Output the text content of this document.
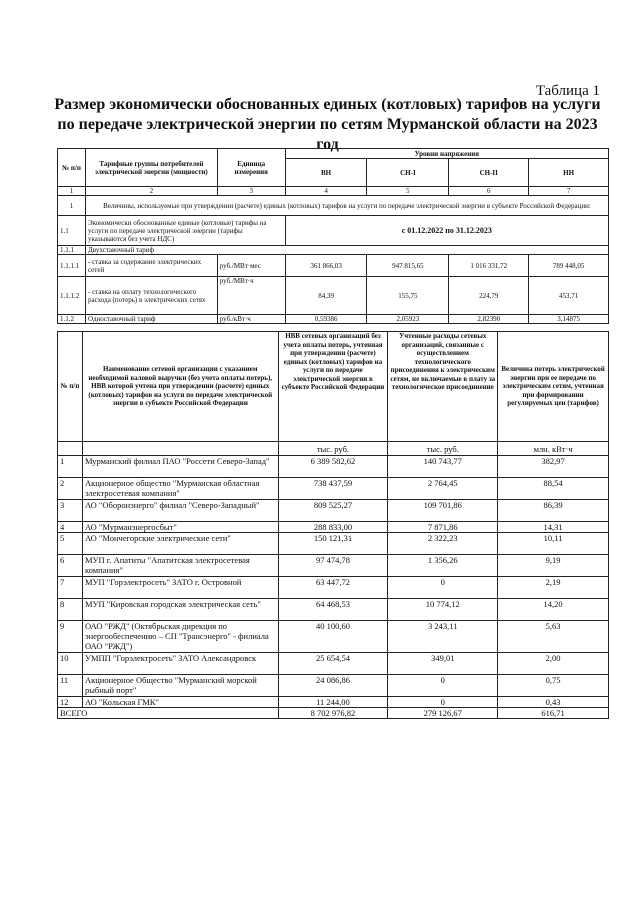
Таблица 1
Размер экономически обоснованных единых (котловых) тарифов на услуги
по передаче электрической энергии по сетям Мурманской области на 2023
год
№ п/п	Тарифные группы потребителей электрической энергии (мощности)	Единица измерения	Уровни напряжения			
			ВН	СН-I	СН-II	НН
1	2	3	4	5	6	7
1	Величины, используемые при утверждении (расчете) единых (котловых) тарифов на услуги по передаче электрической энергии в субъекте Российской Федерации:					
1.1	Экономически обоснованные единые (котловые) тарифы на услуги по передаче электрической энергии (тарифы указываются без учета НДС)		с 01.12.2022 по 31.12.2023			
1.1.1	Двухставочный тариф					
1.1.1.1	- ставка за содержание электрических сетей	руб./МВт·мес	361 866,03	947 815,65	1 016 331,72	789 448,05
1.1.1.2	- ставка на оплату технологического расхода (потерь) в электрических сетях	руб./МВт·ч	84,39	155,75	224,79	453,71
1.1.2	Одноставочный тариф	руб./кВт·ч	0,59386	2,05923	2,82390	3,14875
№ п/п	Наименование сетевой организации с указанием необходимой валовой выручки (без учета оплаты потерь), НВВ которой учтена при утверждении (расчете) единых (котловых) тарифов на услуги по передаче электрической энергии в субъекте Российской Федерации	НВВ сетевых организаций без учета оплаты потерь, учтенная при утверждении (расчете) единых (котловых) тарифов на услуги по передаче электрической энергии в субъекте Российской Федерации	Учтенные расходы сетевых организаций, связанные с осуществлением технологического присоединения к электрическим сетям, не включаемые в плату за технологическое присоединение	Величина потерь электрической энергии при ее передаче по электрическим сетям, учтенная при формировании регулируемых цен (тарифов)
		тыс. руб.	тыс. руб.	млн. кВт·ч
1	Мурманский филиал ПАО "Россети Северо-Запад"	6 389 582,62	140 743,77	382,97
2	Акционерное общество "Мурманская областная электросетевая компания"	738 437,59	2 764,45	88,54
3	АО "Оборонэнерго" филиал "Северо-Западный"	809 525,27	109 701,86	86,39
4	АО "Мурманэнергосбыт"	288 833,00	7 871,86	14,31
5	АО "Мончегорские электрические сети"	150 121,31	2 322,23	10,11
6	МУП г. Апатиты "Апатитская электросетевая компания"	97 474,78	1 356,26	9,19
7	МУП "Горэлектросеть" ЗАТО г. Островной	63 447,72	0	2,19
8	МУП "Кировская городская электрическая сеть"	64 468,53	10 774,12	14,20
9	ОАО "РЖД" (Октябрьская дирекция по энергообеспечению – СП "Трансэнерго" - филиала ОАО "РЖД")	40 100,60	3 243,11	5,63
10	УМПП "Горэлектросеть" ЗАТО Александровск	25 654,54	349,01	2,00
11	Акционерное Общество "Мурманский морской рыбный порт"	24 086,86	0	0,75
12	АО "Кольская ГМК"	11 244,00	0	0,43
ВСЕГО		8 702 976,82	279 126,67	616,71
